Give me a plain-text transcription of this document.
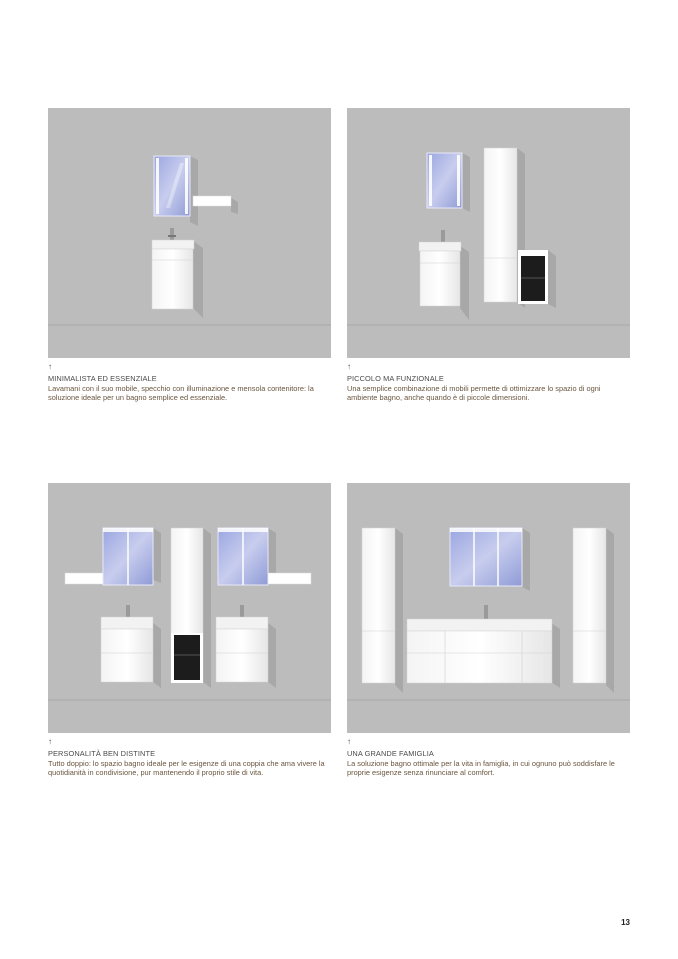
↑
MINIMALISTA ED ESSENZIALE
Lavamani con il suo mobile, specchio con illuminazione e mensola contenitore: la soluzione ideale per un bagno semplice ed essenziale.
↑
PICCOLO MA FUNZIONALE
Una semplice combinazione di mobili permette di ottimizzare lo spazio di ogni ambiente bagno, anche quando è di piccole dimensioni.
↑
PERSONALITÀ BEN DISTINTE
Tutto doppio: lo spazio bagno ideale per le esigenze di una coppia che ama vivere la quotidianità in condivisione, pur mantenendo il proprio stile di vita.
↑
UNA GRANDE FAMIGLIA
La soluzione bagno ottimale per la vita in famiglia, in cui ognuno può soddisfare le proprie esigenze senza rinunciare al comfort.
13
